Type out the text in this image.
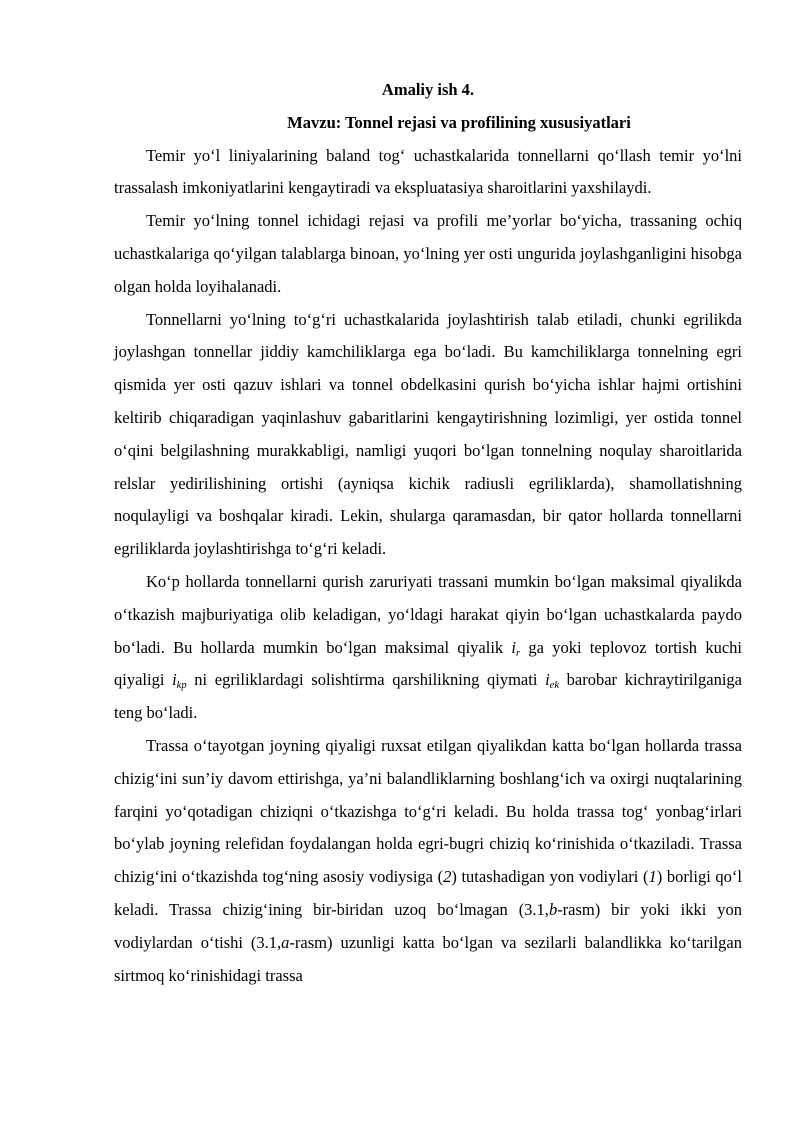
Amaliy ish 4.
Mavzu: Tonnel rejasi va profilining xususiyatlari

Temir yo‘l liniyalarining baland tog‘ uchastkalarida tonnellarni qo‘llash temir yo‘lni trassalash imkoniyatlarini kengaytiradi va ekspluatasiya sharoitlarini yaxshilaydi.

Temir yo‘lning tonnel ichidagi rejasi va profili me’yorlar bo‘yicha, trassaning ochiq uchastkalariga qo‘yilgan talablarga binoan, yo‘lning yer osti ungurida joylashganligini hisobga olgan holda loyihalanadi.

Tonnellarni yo‘lning to‘g‘ri uchastkalarida joylashtirish talab etiladi, chunki egrilikda joylashgan tonnellar jiddiy kamchiliklarga ega bo‘ladi. Bu kamchiliklarga tonnelning egri qismida yer osti qazuv ishlari va tonnel obdelkasini qurish bo‘yicha ishlar hajmi ortishini keltirib chiqaradigan yaqinlashuv gabaritlarini kengaytirishning lozimligi, yer ostida tonnel o‘qini belgilashning murakkabligi, namligi yuqori bo‘lgan tonnelning noqulay sharoitlarida relslar yedirilishining ortishi (ayniqsa kichik radiusli egriliklarda), shamollatishning noqulayligi va boshqalar kiradi. Lekin, shularga qaramasdan, bir qator hollarda tonnellarni egriliklarda joylashtirishga to‘g‘ri keladi.

Ko‘p hollarda tonnellarni qurish zaruriyati trassani mumkin bo‘lgan maksimal qiyalikda o‘tkazish majburiyatiga olib keladigan, yo‘ldagi harakat qiyin bo‘lgan uchastkalarda paydo bo‘ladi. Bu hollarda mumkin bo‘lgan maksimal qiyalik $i_r$ ga yoki teplovoz tortish kuchi qiyaligi $i_{kp}$ ni egriliklardagi solishtirma qarshilikning qiymati $i_{ek}$ barobar kichraytirilganiga teng bo‘ladi.

Trassa o‘tayotgan joyning qiyaligi ruxsat etilgan qiyalikdan katta bo‘lgan hollarda trassa chizig‘ini sun’iy davom ettirishga, ya’ni balandliklarning boshlang‘ich va oxirgi nuqtalarining farqini yo‘qotadigan chiziqni o‘tkazishga to‘g‘ri keladi. Bu holda trassa tog‘ yonbag‘irlari bo‘ylab joyning relefidan foydalangan holda egri-bugri chiziq ko‘rinishida o‘tkaziladi. Trassa chizig‘ini o‘tkazishda tog‘ning asosiy vodiysiga (2) tutashadigan yon vodiylari (1) borligi qo‘l keladi. Trassa chizig‘ining bir-biridan uzoq bo‘lmagan (3.1,b-rasm) bir yoki ikki yon vodiylardan o‘tishi (3.1,a-rasm) uzunligi katta bo‘lgan va sezilarli balandlikka ko‘tarilgan sirtmoq ko‘rinishidagi trassa
